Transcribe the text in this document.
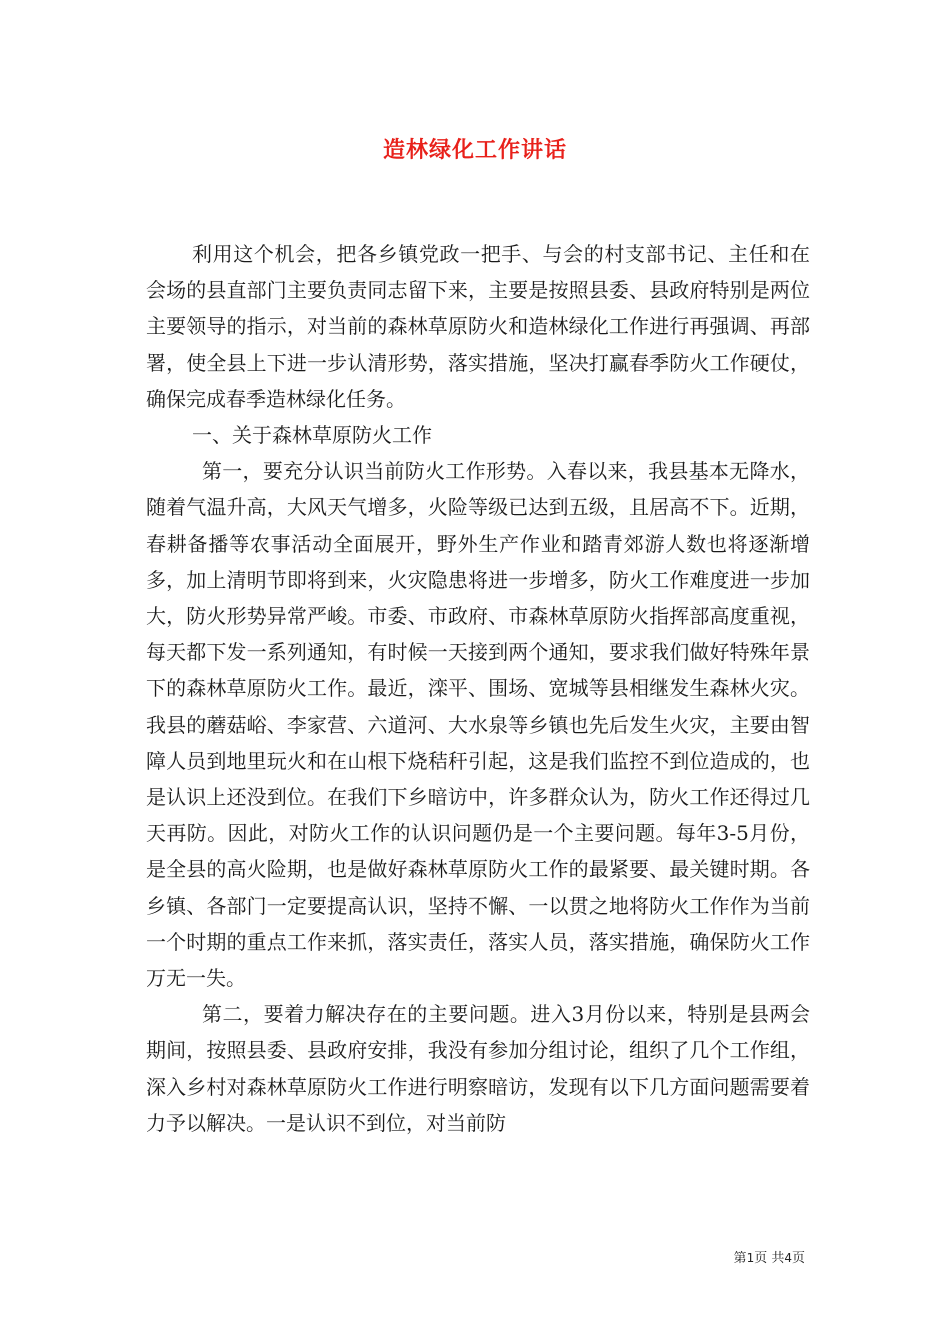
造林绿化工作讲话

利用这个机会，把各乡镇党政一把手、与会的村支部书记、主任和在会场的县直部门主要负责同志留下来，主要是按照县委、县政府特别是两位主要领导的指示，对当前的森林草原防火和造林绿化工作进行再强调、再部署，使全县上下进一步认清形势，落实措施，坚决打赢春季防火工作硬仗，确保完成春季造林绿化任务。

一、关于森林草原防火工作

第一，要充分认识当前防火工作形势。入春以来，我县基本无降水，随着气温升高，大风天气增多，火险等级已达到五级，且居高不下。近期，春耕备播等农事活动全面展开，野外生产作业和踏青郊游人数也将逐渐增多，加上清明节即将到来，火灾隐患将进一步增多，防火工作难度进一步加大，防火形势异常严峻。市委、市政府、市森林草原防火指挥部高度重视，每天都下发一系列通知，有时候一天接到两个通知，要求我们做好特殊年景下的森林草原防火工作。最近，滦平、围场、宽城等县相继发生森林火灾。我县的蘑菇峪、李家营、六道河、大水泉等乡镇也先后发生火灾，主要由智障人员到地里玩火和在山根下烧秸秆引起，这是我们监控不到位造成的，也是认识上还没到位。在我们下乡暗访中，许多群众认为，防火工作还得过几天再防。因此，对防火工作的认识问题仍是一个主要问题。每年3-5月份，是全县的高火险期，也是做好森林草原防火工作的最紧要、最关键时期。各乡镇、各部门一定要提高认识，坚持不懈、一以贯之地将防火工作作为当前一个时期的重点工作来抓，落实责任，落实人员，落实措施，确保防火工作万无一失。

第二，要着力解决存在的主要问题。进入3月份以来，特别是县两会期间，按照县委、县政府安排，我没有参加分组讨论，组织了几个工作组，深入乡村对森林草原防火工作进行明察暗访，发现有以下几方面问题需要着力予以解决。一是认识不到位，对当前防

第1页 共4页
